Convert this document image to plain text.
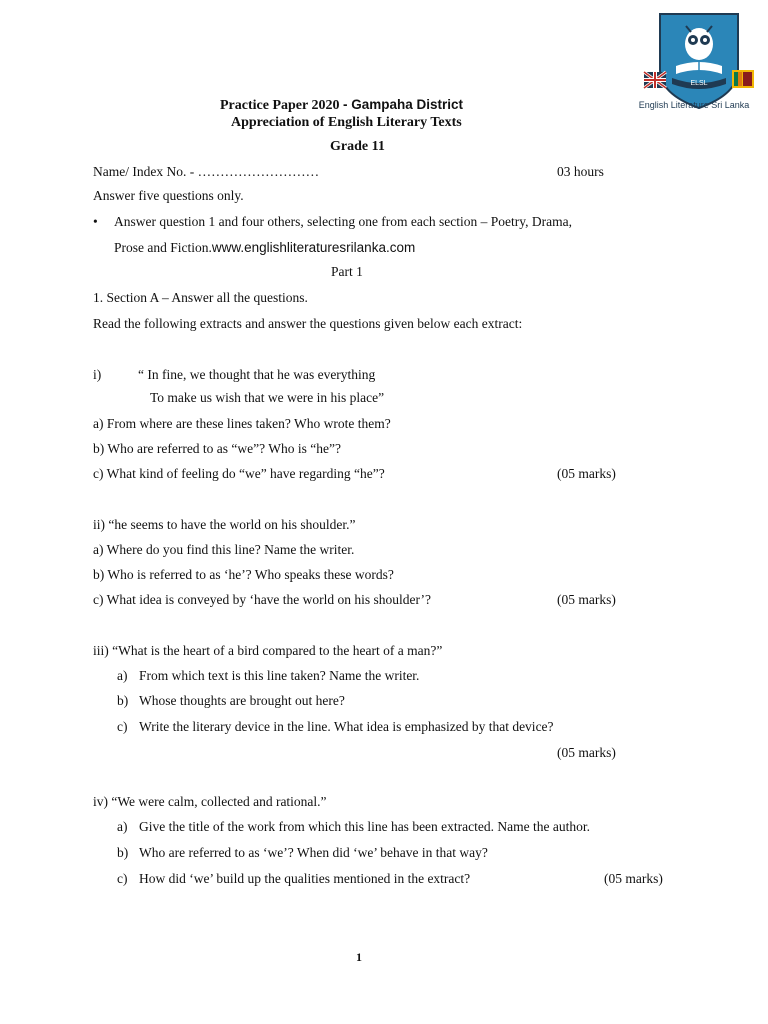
ELSL
English Literature Sri Lanka
Practice Paper 2020 - Gampaha District
Appreciation of English Literary Texts
Grade 11
Name/ Index No. - ………………………	03 hours
Answer five questions only.
• Answer question 1 and four others, selecting one from each section – Poetry, Drama,
Prose and Fiction.www.englishliteraturesrilanka.com
Part 1
1. Section A – Answer all the questions.
Read the following extracts and answer the questions given below each extract:
i)	“ In fine, we thought that he was everything
To make us wish that we were in his place”
a) From where are these lines taken? Who wrote them?
b) Who are referred to as “we”? Who is “he”?
c) What kind of feeling do “we” have regarding “he”?	(05 marks)
ii) “he seems to have the world on his shoulder.”
a) Where do you find this line? Name the writer.
b) Who is referred to as ‘he’? Who speaks these words?
c) What idea is conveyed by ‘have the world on his shoulder’?	(05 marks)
iii) “What is the heart of a bird compared to the heart of a man?”
a) From which text is this line taken? Name the writer.
b) Whose thoughts are brought out here?
c) Write the literary device in the line. What idea is emphasized by that device?
(05 marks)
iv) “We were calm, collected and rational.”
a) Give the title of the work from which this line has been extracted. Name the author.
b) Who are referred to as ‘we’? When did ‘we’ behave in that way?
c) How did ‘we’ build up the qualities mentioned in the extract?	(05 marks)
1
